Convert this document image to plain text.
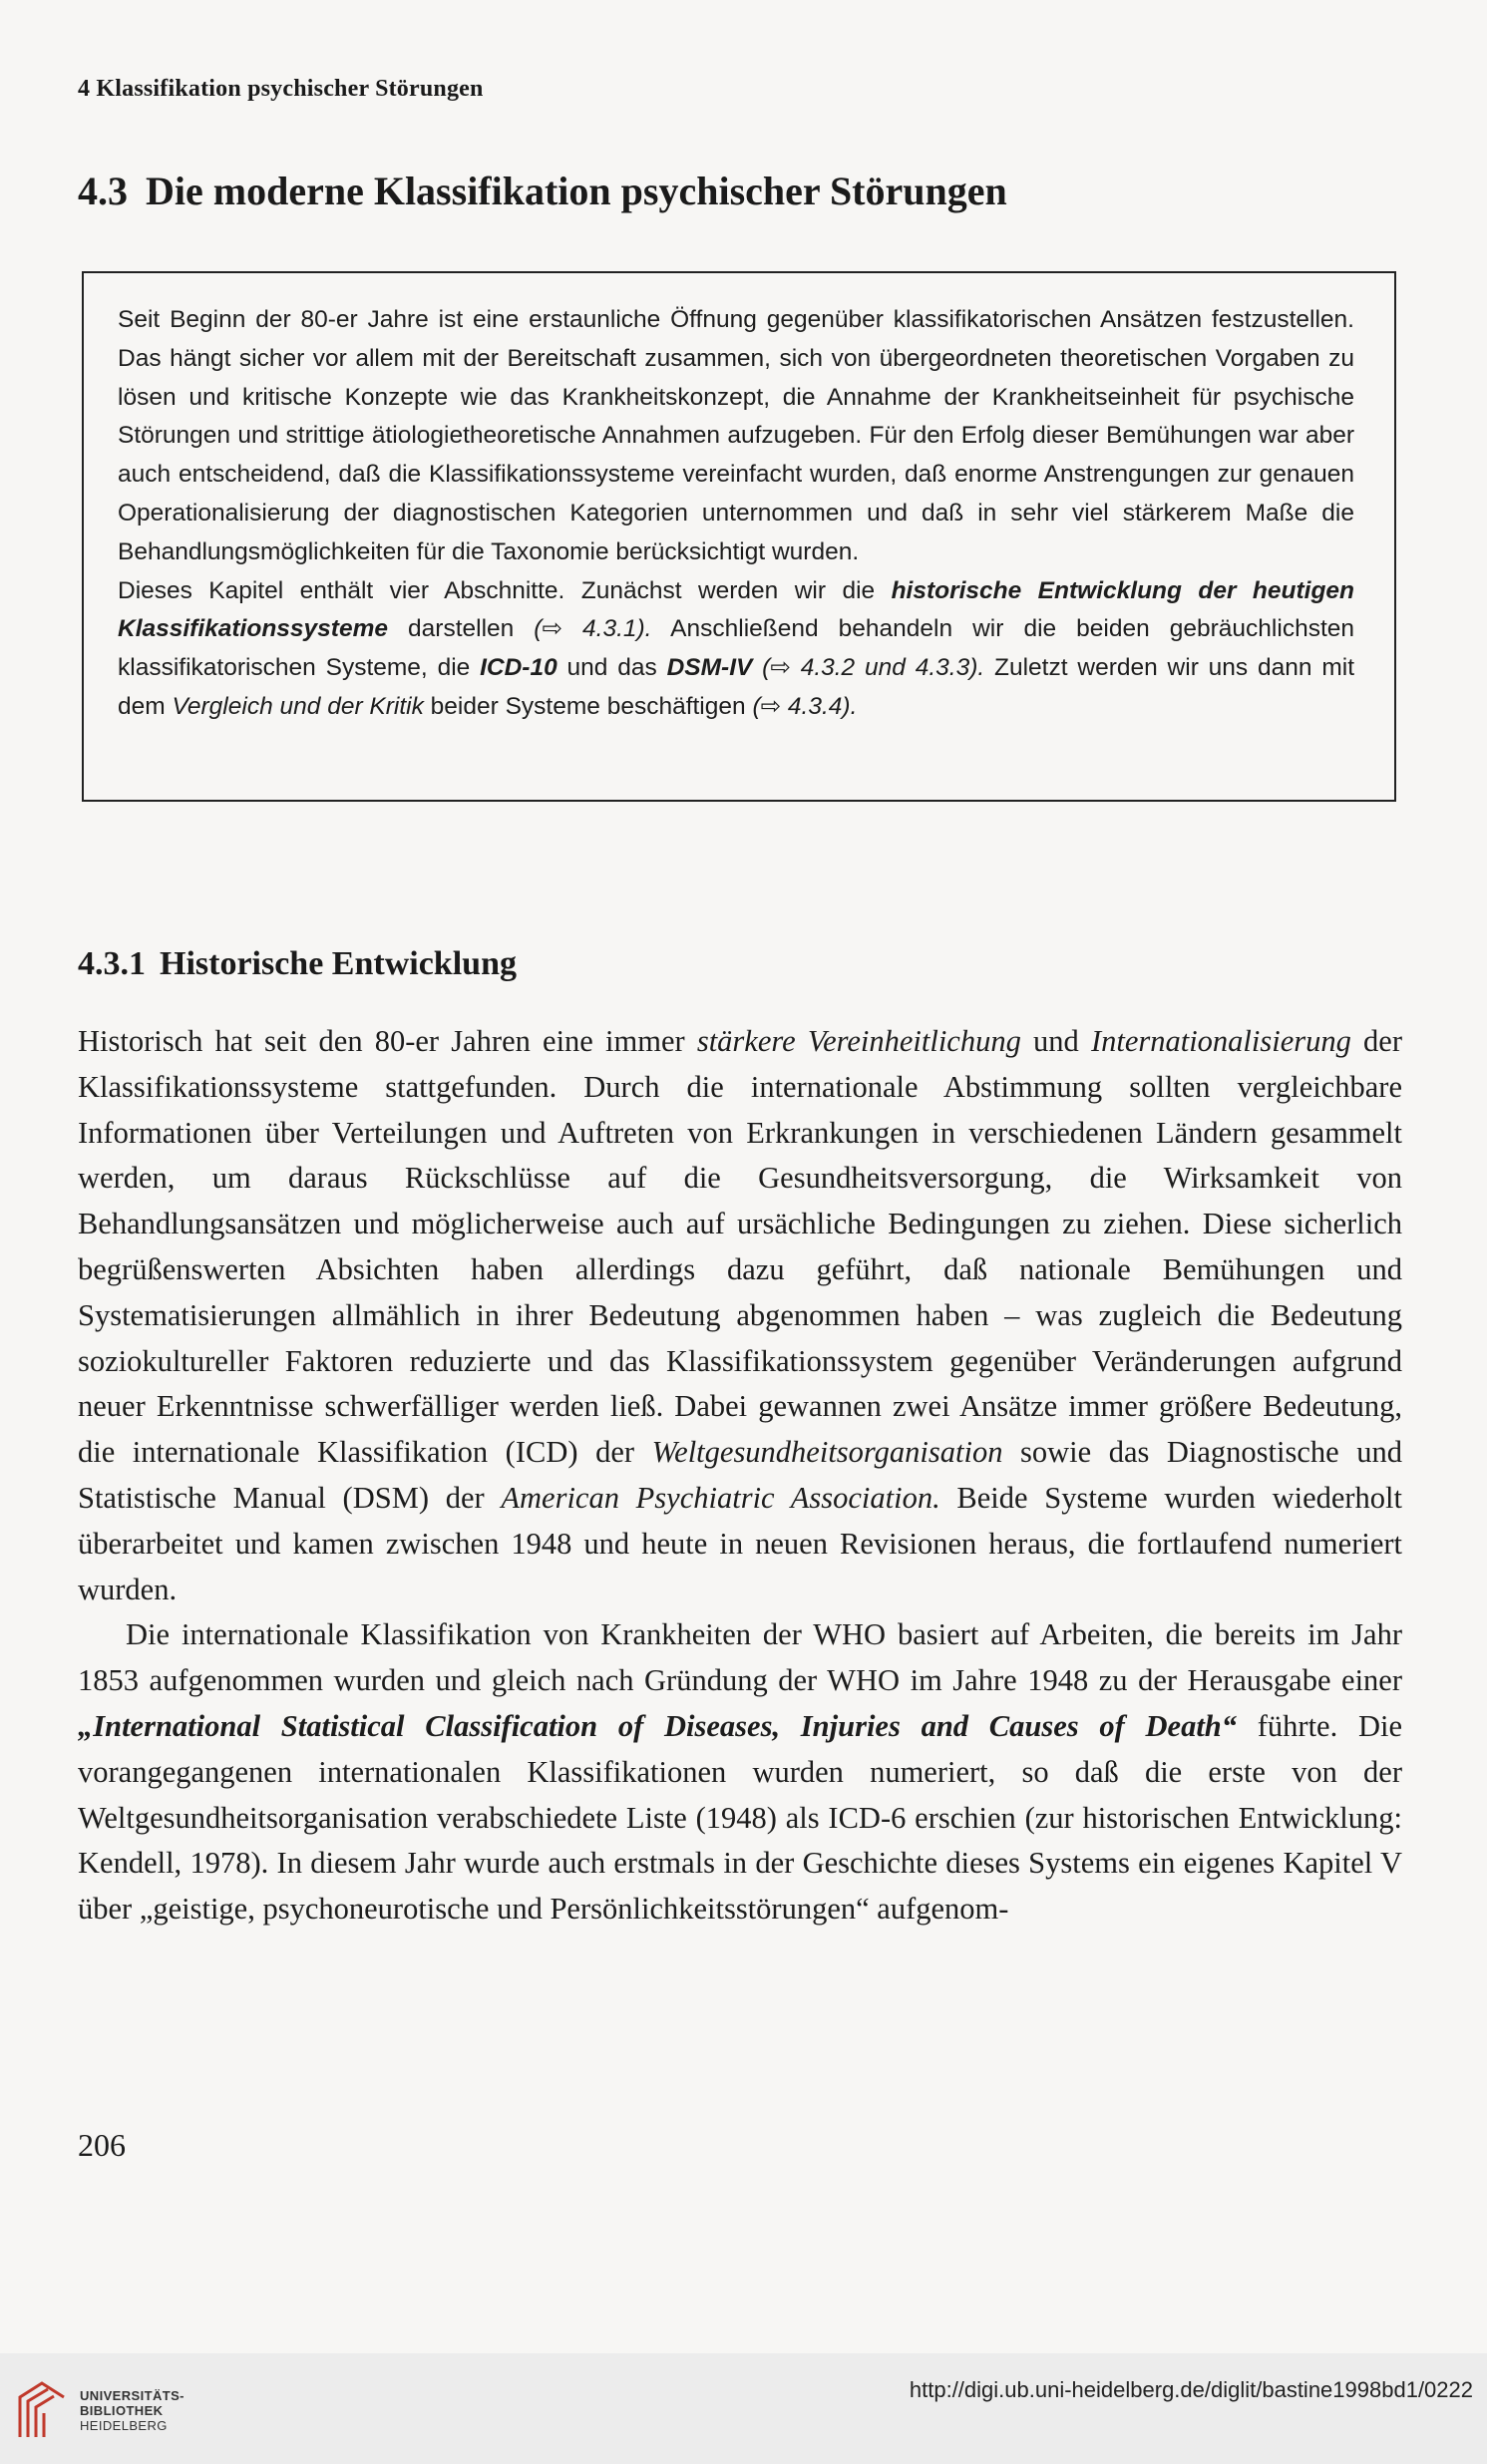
4 Klassifikation psychischer Störungen
4.3 Die moderne Klassifikation psychischer Störungen

Seit Beginn der 80-er Jahre ist eine erstaunliche Öffnung gegenüber klassifikatorischen Ansätzen festzustellen. Das hängt sicher vor allem mit der Bereitschaft zusammen, sich von übergeordneten theoretischen Vorgaben zu lösen und kritische Konzepte wie das Krankheitskonzept, die Annahme der Krankheitseinheit für psychische Störungen und strittige ätiologietheoretische Annahmen aufzugeben. Für den Erfolg dieser Bemühungen war aber auch entscheidend, daß die Klassifikationssysteme vereinfacht wurden, daß enorme Anstrengungen zur genauen Operationalisierung der diagnostischen Kategorien unternommen und daß in sehr viel stärkerem Maße die Behandlungsmöglichkeiten für die Taxonomie berücksichtigt wurden.

Dieses Kapitel enthält vier Abschnitte. Zunächst werden wir die historische Entwicklung der heutigen Klassifikationssysteme darstellen (⇨ 4.3.1). Anschließend behandeln wir die beiden gebräuchlichsten klassifikatorischen Systeme, die ICD-10 und das DSM-IV (⇨ 4.3.2 und 4.3.3). Zuletzt werden wir uns dann mit dem Vergleich und der Kritik beider Systeme beschäftigen (⇨ 4.3.4).

4.3.1 Historische Entwicklung

Historisch hat seit den 80-er Jahren eine immer stärkere Vereinheitlichung und Internationalisierung der Klassifikationssysteme stattgefunden. Durch die internationale Abstimmung sollten vergleichbare Informationen über Verteilungen und Auftreten von Erkrankungen in verschiedenen Ländern gesammelt werden, um daraus Rückschlüsse auf die Gesundheitsversorgung, die Wirksamkeit von Behandlungsansätzen und möglicherweise auch auf ursächliche Bedingungen zu ziehen. Diese sicherlich begrüßenswerten Absichten haben allerdings dazu geführt, daß nationale Bemühungen und Systematisierungen allmählich in ihrer Bedeutung abgenommen haben – was zugleich die Bedeutung soziokultureller Faktoren reduzierte und das Klassifikationssystem gegenüber Veränderungen aufgrund neuer Erkenntnisse schwerfälliger werden ließ. Dabei gewannen zwei Ansätze immer größere Bedeutung, die internationale Klassifikation (ICD) der Weltgesundheitsorganisation sowie das Diagnostische und Statistische Manual (DSM) der American Psychiatric Association. Beide Systeme wurden wiederholt überarbeitet und kamen zwischen 1948 und heute in neuen Revisionen heraus, die fortlaufend numeriert wurden.

Die internationale Klassifikation von Krankheiten der WHO basiert auf Arbeiten, die bereits im Jahr 1853 aufgenommen wurden und gleich nach Gründung der WHO im Jahre 1948 zu der Herausgabe einer „International Statistical Classification of Diseases, Injuries and Causes of Death“ führte. Die vorangegangenen internationalen Klassifikationen wurden numeriert, so daß die erste von der Weltgesundheitsorganisation verabschiedete Liste (1948) als ICD-6 erschien (zur historischen Entwicklung: Kendell, 1978). In diesem Jahr wurde auch erstmals in der Geschichte dieses Systems ein eigenes Kapitel V über „geistige, psychoneurotische und Persönlichkeitsstörungen“ aufgenom-

206
UNIVERSITÄTS-
BIBLIOTHEK
HEIDELBERG
http://digi.ub.uni-heidelberg.de/diglit/bastine1998bd1/0222
